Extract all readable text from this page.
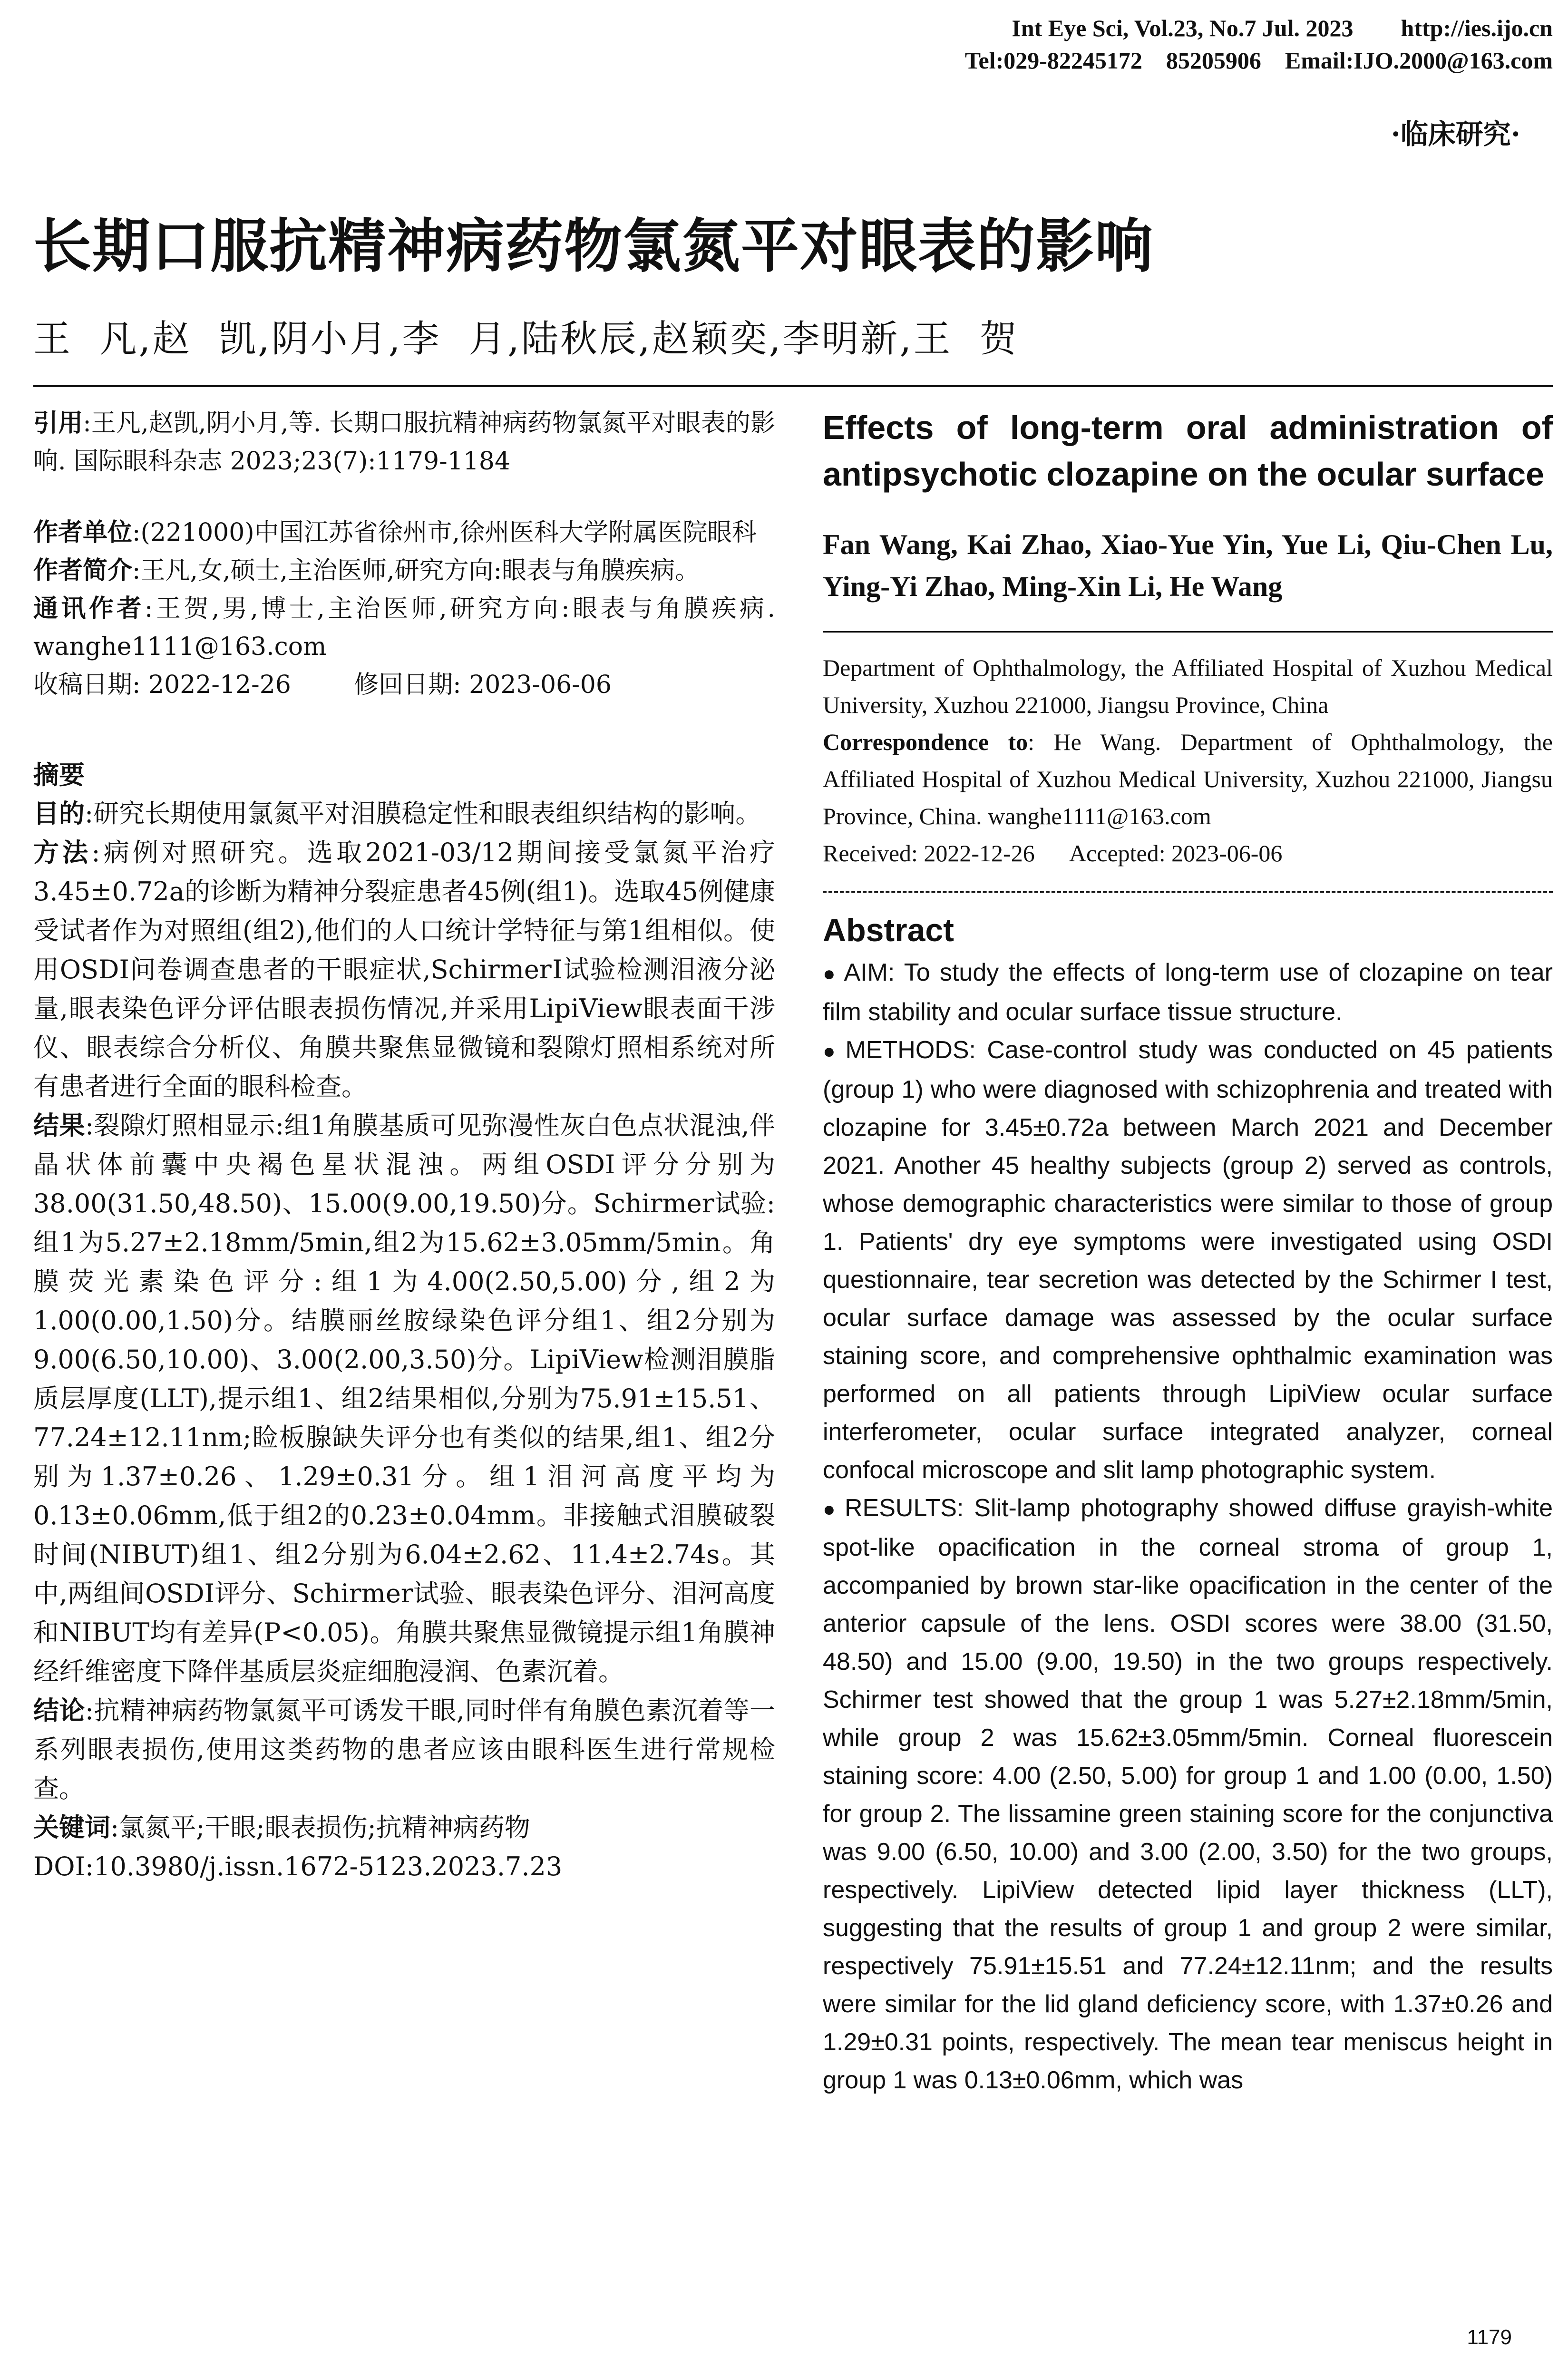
Int Eye Sci, Vol.23, No.7 Jul. 2023        http://ies.ijo.cn
Tel:029-82245172    85205906    Email:IJO.2000@163.com
·临床研究·
长期口服抗精神病药物氯氮平对眼表的影响
王  凡,赵  凯,阴小月,李  月,陆秋辰,赵颖奕,李明新,王  贺

引用:王凡,赵凯,阴小月,等. 长期口服抗精神病药物氯氮平对眼表的影响. 国际眼科杂志 2023;23(7):1179-1184

作者单位:(221000)中国江苏省徐州市,徐州医科大学附属医院眼科

作者简介:王凡,女,硕士,主治医师,研究方向:眼表与角膜疾病。

通讯作者:王贺,男,博士,主治医师,研究方向:眼表与角膜疾病. wanghe1111@163.com

收稿日期: 2022-12-26        修回日期: 2023-06-06

摘要

目的:研究长期使用氯氮平对泪膜稳定性和眼表组织结构的影响。

方法:病例对照研究。选取2021-03/12期间接受氯氮平治疗3.45±0.72a的诊断为精神分裂症患者45例(组1)。选取45例健康受试者作为对照组(组2),他们的人口统计学特征与第1组相似。使用OSDI问卷调查患者的干眼症状,SchirmerⅠ试验检测泪液分泌量,眼表染色评分评估眼表损伤情况,并采用LipiView眼表面干涉仪、眼表综合分析仪、角膜共聚焦显微镜和裂隙灯照相系统对所有患者进行全面的眼科检查。

结果:裂隙灯照相显示:组1角膜基质可见弥漫性灰白色点状混浊,伴晶状体前囊中央褐色星状混浊。两组OSDI评分分别为38.00(31.50,48.50)、15.00(9.00,19.50)分。Schirmer试验:组1为5.27±2.18mm/5min,组2为15.62±3.05mm/5min。角膜荧光素染色评分:组1为4.00(2.50,5.00)分,组2为1.00(0.00,1.50)分。结膜丽丝胺绿染色评分组1、组2分别为9.00(6.50,10.00)、3.00(2.00,3.50)分。LipiView检测泪膜脂质层厚度(LLT),提示组1、组2结果相似,分别为75.91±15.51、77.24±12.11nm;睑板腺缺失评分也有类似的结果,组1、组2分别为1.37±0.26、1.29±0.31分。组1泪河高度平均为0.13±0.06mm,低于组2的0.23±0.04mm。非接触式泪膜破裂时间(NIBUT)组1、组2分别为6.04±2.62、11.4±2.74s。其中,两组间OSDI评分、Schirmer试验、眼表染色评分、泪河高度和NIBUT均有差异(P<0.05)。角膜共聚焦显微镜提示组1角膜神经纤维密度下降伴基质层炎症细胞浸润、色素沉着。

结论:抗精神病药物氯氮平可诱发干眼,同时伴有角膜色素沉着等一系列眼表损伤,使用这类药物的患者应该由眼科医生进行常规检查。

关键词:氯氮平;干眼;眼表损伤;抗精神病药物

DOI:10.3980/j.issn.1672-5123.2023.7.23

Effects of long-term oral administration of antipsychotic clozapine on the ocular surface

Fan Wang, Kai Zhao, Xiao-Yue Yin, Yue Li, Qiu-Chen Lu, Ying-Yi Zhao, Ming-Xin Li, He Wang

Department of Ophthalmology, the Affiliated Hospital of Xuzhou Medical University, Xuzhou 221000, Jiangsu Province, China

Correspondence to: He Wang. Department of Ophthalmology, the Affiliated Hospital of Xuzhou Medical University, Xuzhou 221000, Jiangsu Province, China. wanghe1111@163.com

Received: 2022-12-26      Accepted: 2023-06-06

Abstract

● AIM: To study the effects of long-term use of clozapine on tear film stability and ocular surface tissue structure.

● METHODS: Case-control study was conducted on 45 patients (group 1) who were diagnosed with schizophrenia and treated with clozapine for 3.45±0.72a between March 2021 and December 2021. Another 45 healthy subjects (group 2) served as controls, whose demographic characteristics were similar to those of group 1. Patients' dry eye symptoms were investigated using OSDI questionnaire, tear secretion was detected by the Schirmer I test, ocular surface damage was assessed by the ocular surface staining score, and comprehensive ophthalmic examination was performed on all patients through LipiView ocular surface interferometer, ocular surface integrated analyzer, corneal confocal microscope and slit lamp photographic system.

● RESULTS: Slit-lamp photography showed diffuse grayish-white spot-like opacification in the corneal stroma of group 1, accompanied by brown star-like opacification in the center of the anterior capsule of the lens. OSDI scores were 38.00 (31.50, 48.50) and 15.00 (9.00, 19.50) in the two groups respectively. Schirmer test showed that the group 1 was 5.27±2.18mm/5min, while group 2 was 15.62±3.05mm/5min. Corneal fluorescein staining score: 4.00 (2.50, 5.00) for group 1 and 1.00 (0.00, 1.50) for group 2. The lissamine green staining score for the conjunctiva was 9.00 (6.50, 10.00) and 3.00 (2.00, 3.50) for the two groups, respectively. LipiView detected lipid layer thickness (LLT), suggesting that the results of group 1 and group 2 were similar, respectively 75.91±15.51 and 77.24±12.11nm; and the results were similar for the lid gland deficiency score, with 1.37±0.26 and 1.29±0.31 points, respectively. The mean tear meniscus height in group 1 was 0.13±0.06mm, which was

1179
